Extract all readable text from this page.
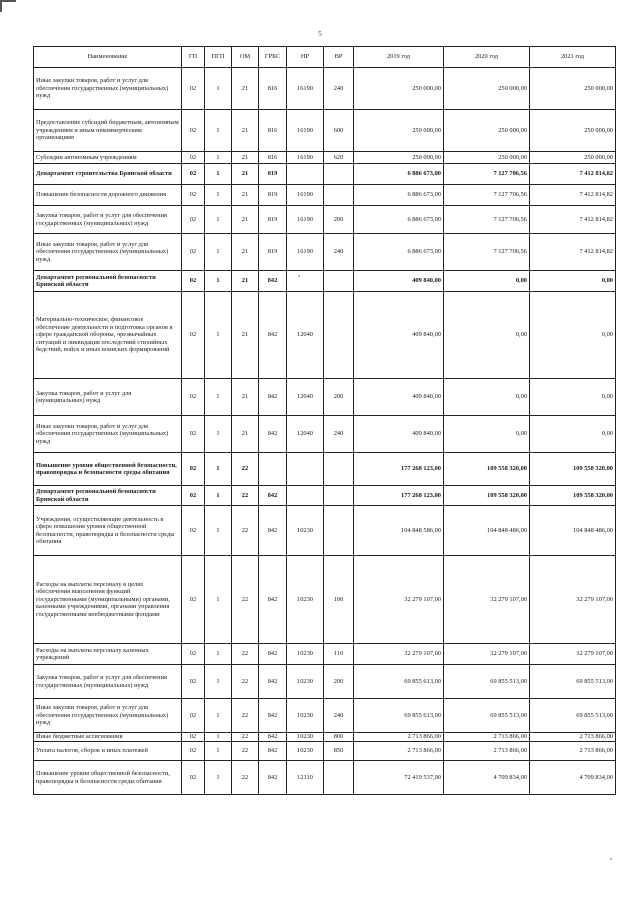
5
Наименование	ГП	ПГП	ОМ	ГРБС	НР	ВР	2019 год	2020 год	2021 год
Иные закупки товаров, работ и услуг для обеспечения государственных (муниципальных) нужд	02	1	21	816	16190	240	250 000,00	250 000,00	250 000,00
Предоставление субсидий бюджетным, автономным учреждениям и иным некоммерческим организациям	02	1	21	816	16190	600	250 000,00	250 000,00	250 000,00
Субсидии автономным учреждениям	02	1	21	816	16190	620	250 000,00	250 000,00	250 000,00
Департамент строительства Брянской области	02	1	21	819			6 886 673,00	7 127 706,56	7 412 814,82
Повышение безопасности дорожного движения	02	1	21	819	16190		6 886 673,00	7 127 706,56	7 412 814,82
Закупка товаров, работ и услуг для обеспечения государственных (муниципальных) нужд	02	1	21	819	16190	200	6 886 673,00	7 127 706,56	7 412 814,82
Иные закупки товаров, работ и услуг для обеспечения государственных (муниципальных) нужд	02	1	21	819	16190	240	6 886 673,00	7 127 706,56	7 412 814,82
Департамент региональной безопасности Брянской области	02	1	21	842			409 840,00	0,00	0,00
Материально-техническое, финансовое обеспечение деятельности и подготовка органов в сфере гражданской обороны, чрезвычайных ситуаций и ликвидация последствий стихийных бедствий, войск и иных воинских формирований	02	1	21	842	12040		409 840,00	0,00	0,00
Закупка товаров, работ и услуг для (муниципальных) нужд	02	1	21	842	12040	200	409 840,00	0,00	0,00
Иные закупки товаров, работ и услуг для обеспечения государственных (муниципальных) нужд	02	1	21	842	12040	240	409 840,00	0,00	0,00
Повышение уровня общественной безопасности, правопорядка и безопасности среды обитания	02	1	22				177 268 123,00	109 558 320,00	109 558 320,00
Департамент региональной безопасности Брянской области	02	1	22	842			177 268 123,00	109 558 320,00	109 558 320,00
Учреждения, осуществляющие деятельность в сфере повышения уровня общественной безопасности, правопорядка и безопасности среды обитания	02	1	22	842	10230		104 848 586,00	104 848 486,00	104 848 486,00
Расходы на выплаты персоналу в целях обеспечения выполнения функций государственными (муниципальными) органами, казенными учреждениями, органами управления государственными внебюджетными фондами	02	1	22	842	10230	100	32 279 107,00	32 279 107,00	32 279 107,00
Расходы на выплаты персоналу казенных учреждений	02	1	22	842	10230	110	32 279 107,00	32 279 107,00	32 279 107,00
Закупка товаров, работ и услуг для обеспечения государственных (муниципальных) нужд	02	1	22	842	10230	200	69 855 613,00	69 855 513,00	69 855 513,00
Иные закупки товаров, работ и услуг для обеспечения государственных (муниципальных) нужд	02	1	22	842	10230	240	69 855 613,00	69 855 513,00	69 855 513,00
Иные бюджетные ассигнования	02	1	22	842	10230	800	2 713 866,00	2 713 866,00	2 713 866,00
Уплата налогов, сборов и иных платежей	02	1	22	842	10230	850	2 713 866,00	2 713 866,00	2 713 866,00
Повышение уровня общественной безопасности, правопорядка и безопасности среды обитания	02	1	22	842	12110		72 419 537,00	4 709 834,00	4 709 834,00
